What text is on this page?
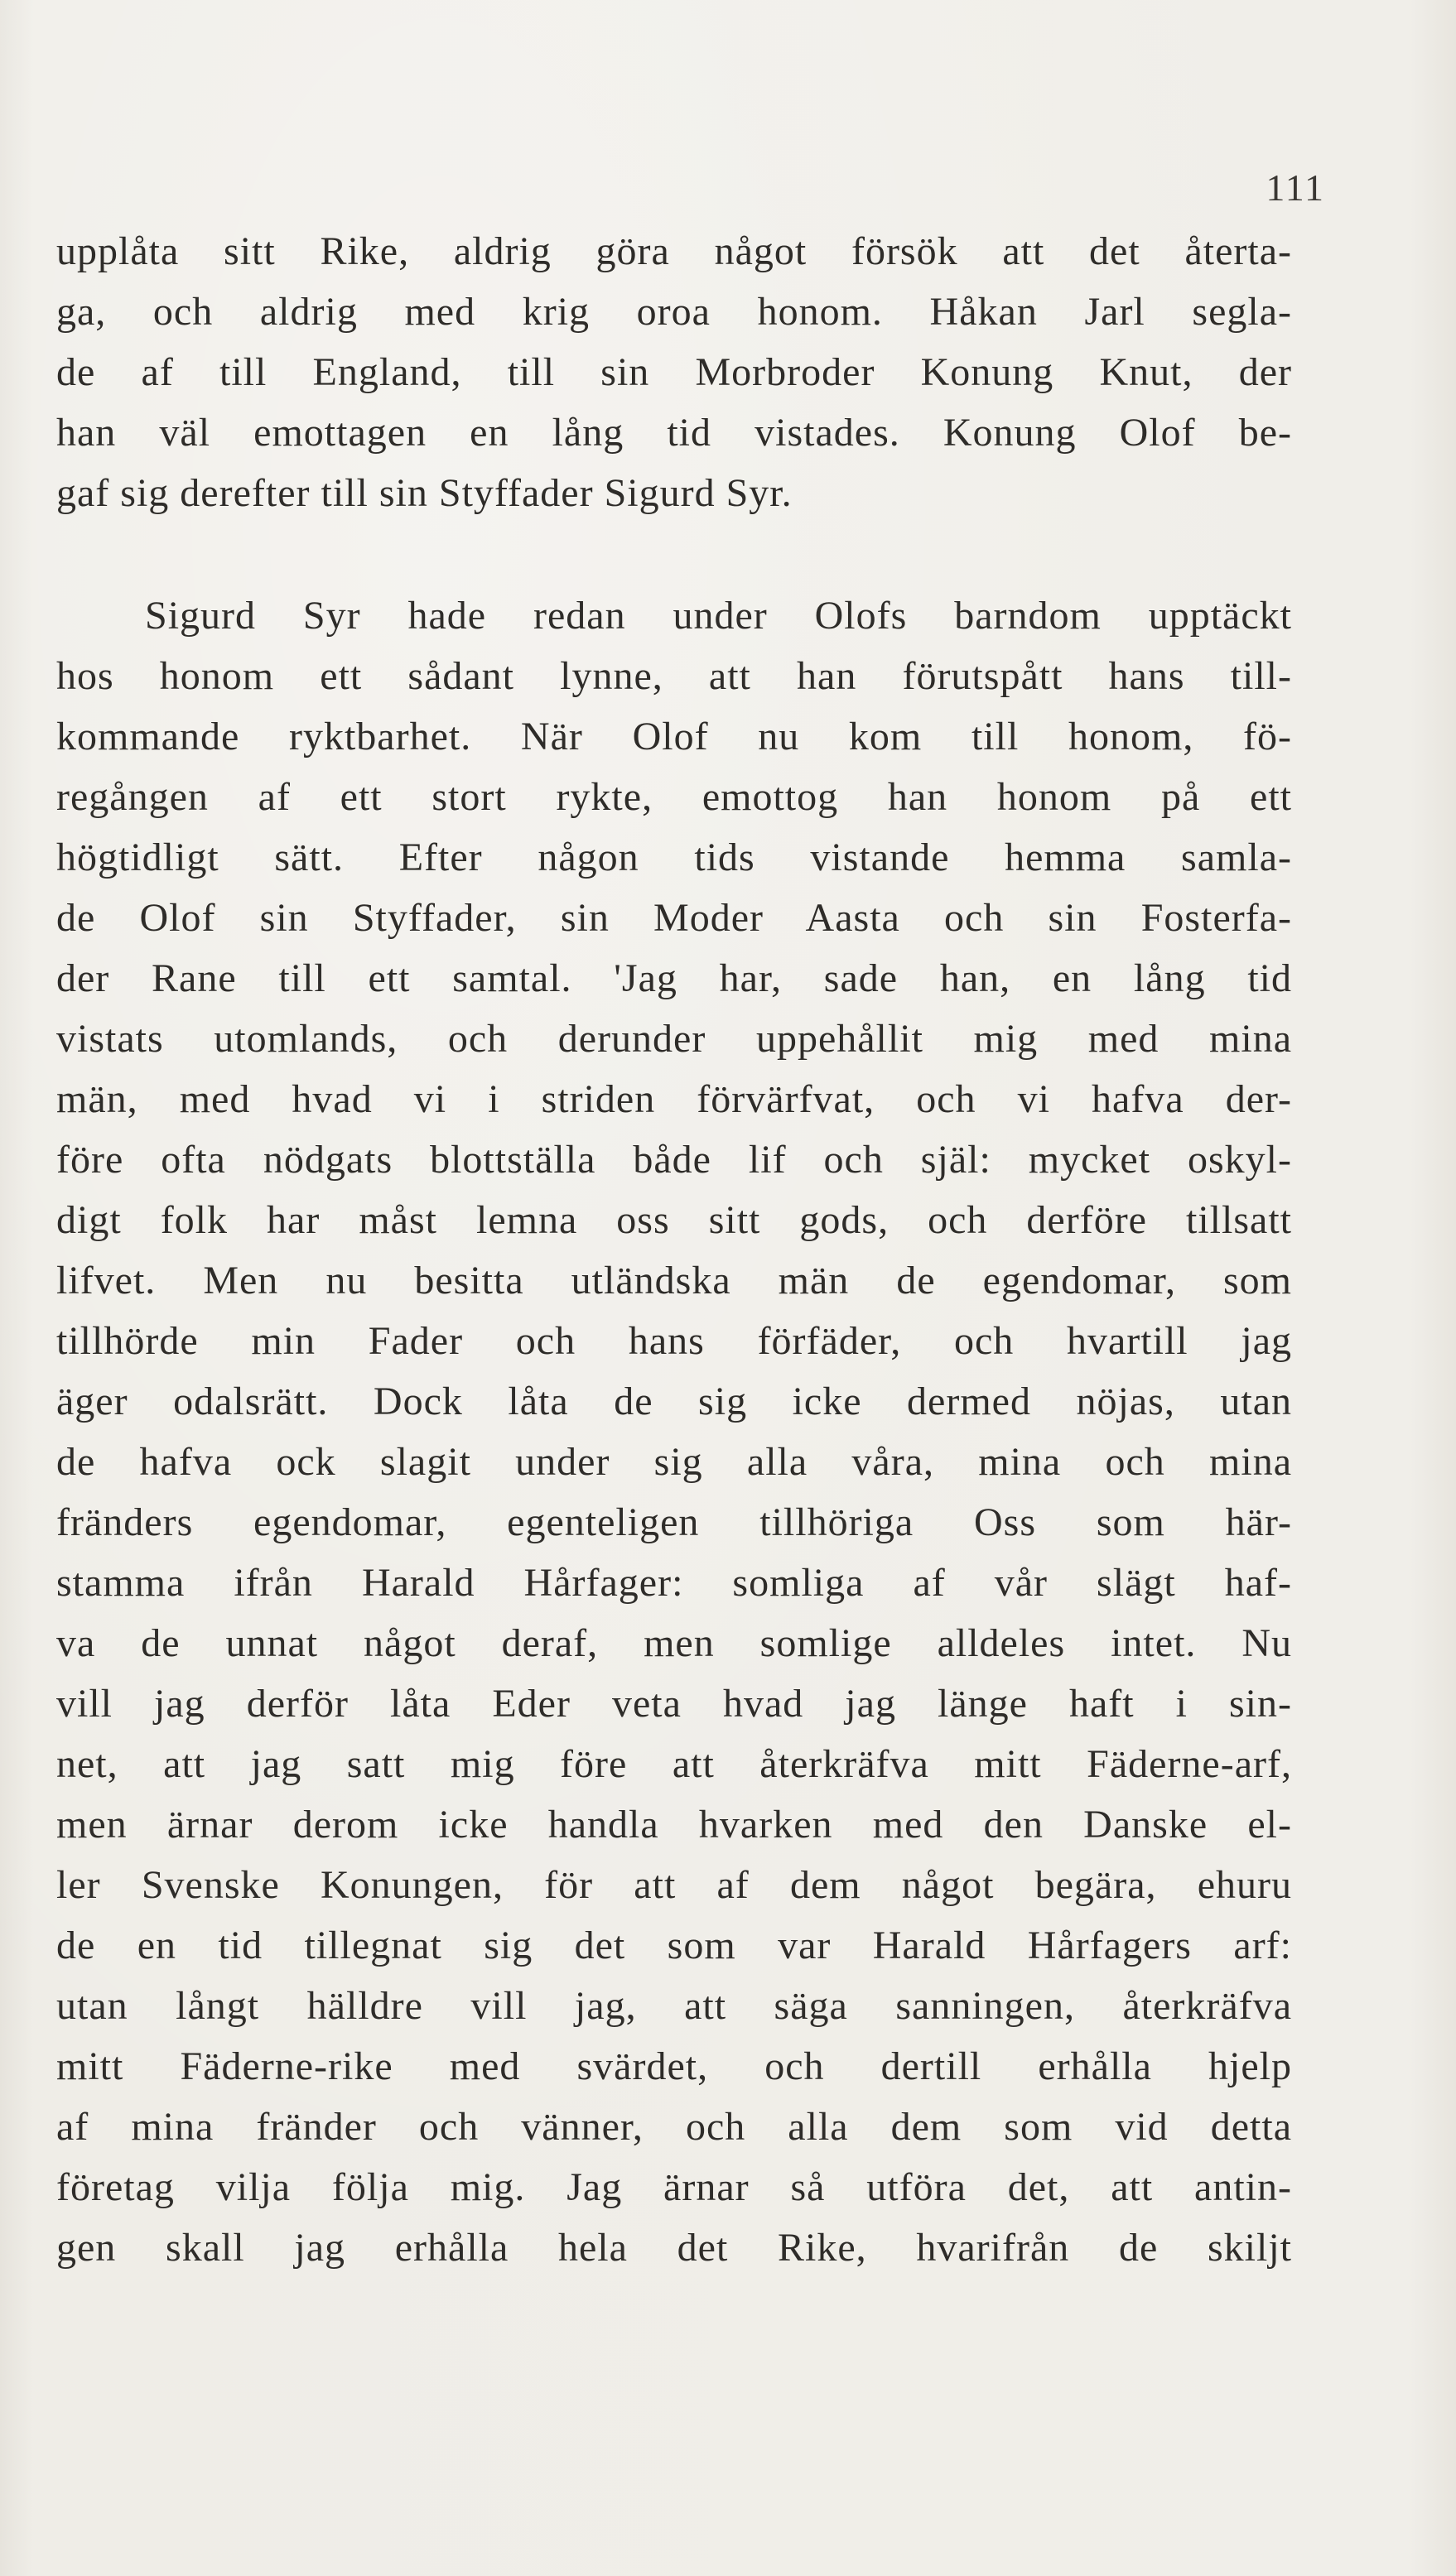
111
upplåta sitt Rike, aldrig göra något försök att det återta-
ga, och aldrig med krig oroa honom. Håkan Jarl segla-
de af till England, till sin Morbroder Konung Knut, der
han väl emottagen en lång tid vistades. Konung Olof be-
gaf sig derefter till sin Styffader Sigurd Syr.
Sigurd Syr hade redan under Olofs barndom upptäckt
hos honom ett sådant lynne, att han förutspått hans till-
kommande ryktbarhet. När Olof nu kom till honom, fö-
regången af ett stort rykte, emottog han honom på ett
högtidligt sätt. Efter någon tids vistande hemma samla-
de Olof sin Styffader, sin Moder Aasta och sin Fosterfa-
der Rane till ett samtal. 'Jag har, sade han, en lång tid
vistats utomlands, och derunder uppehållit mig med mina
män, med hvad vi i striden förvärfvat, och vi hafva der-
före ofta nödgats blottställa både lif och själ: mycket oskyl-
digt folk har måst lemna oss sitt gods, och derföre tillsatt
lifvet. Men nu besitta utländska män de egendomar, som
tillhörde min Fader och hans förfäder, och hvartill jag
äger odalsrätt. Dock låta de sig icke dermed nöjas, utan
de hafva ock slagit under sig alla våra, mina och mina
fränders egendomar, egenteligen tillhöriga Oss som här-
stamma ifrån Harald Hårfager: somliga af vår slägt haf-
va de unnat något deraf, men somlige alldeles intet. Nu
vill jag derför låta Eder veta hvad jag länge haft i sin-
net, att jag satt mig före att återkräfva mitt Fäderne-arf,
men ärnar derom icke handla hvarken med den Danske el-
ler Svenske Konungen, för att af dem något begära, ehuru
de en tid tillegnat sig det som var Harald Hårfagers arf:
utan långt hälldre vill jag, att säga sanningen, återkräfva
mitt Fäderne-rike med svärdet, och dertill erhålla hjelp
af mina fränder och vänner, och alla dem som vid detta
företag vilja följa mig. Jag ärnar så utföra det, att antin-
gen skall jag erhålla hela det Rike, hvarifrån de skiljt
